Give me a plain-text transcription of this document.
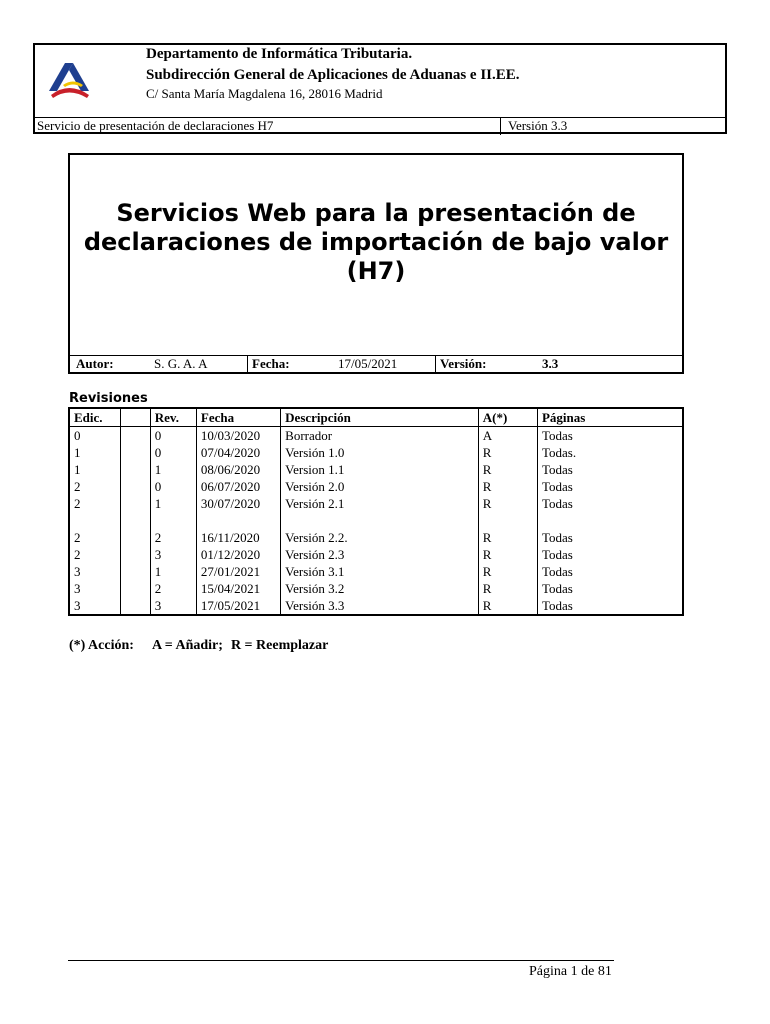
Departamento de Informática Tributaria.
Subdirección General de Aplicaciones de Aduanas e II.EE.
C/ Santa María Magdalena 16, 28016 Madrid
Servicio de presentación de declaraciones H7	Versión 3.3
Servicios Web para la presentación de declaraciones de importación de bajo valor (H7)
Autor:	S. G. A. A	Fecha:	17/05/2021	Versión:	3.3
Revisiones
Edic.		Rev.	Fecha	Descripción	A(*)	Páginas
0		0	10/03/2020	Borrador	A	Todas
1		0	07/04/2020	Versión 1.0	R	Todas.
1		1	08/06/2020	Version 1.1	R	Todas
2		0	06/07/2020	Versión 2.0	R	Todas
2		1	30/07/2020	Versión 2.1	R	Todas
2		2	16/11/2020	Versión 2.2.	R	Todas
2		3	01/12/2020	Versión 2.3	R	Todas
3		1	27/01/2021	Versión 3.1	R	Todas
3		2	15/04/2021	Versión 3.2	R	Todas
3		3	17/05/2021	Versión 3.3	R	Todas
(*) Acción: A = Añadir; R = Reemplazar
Página 1 de 81
